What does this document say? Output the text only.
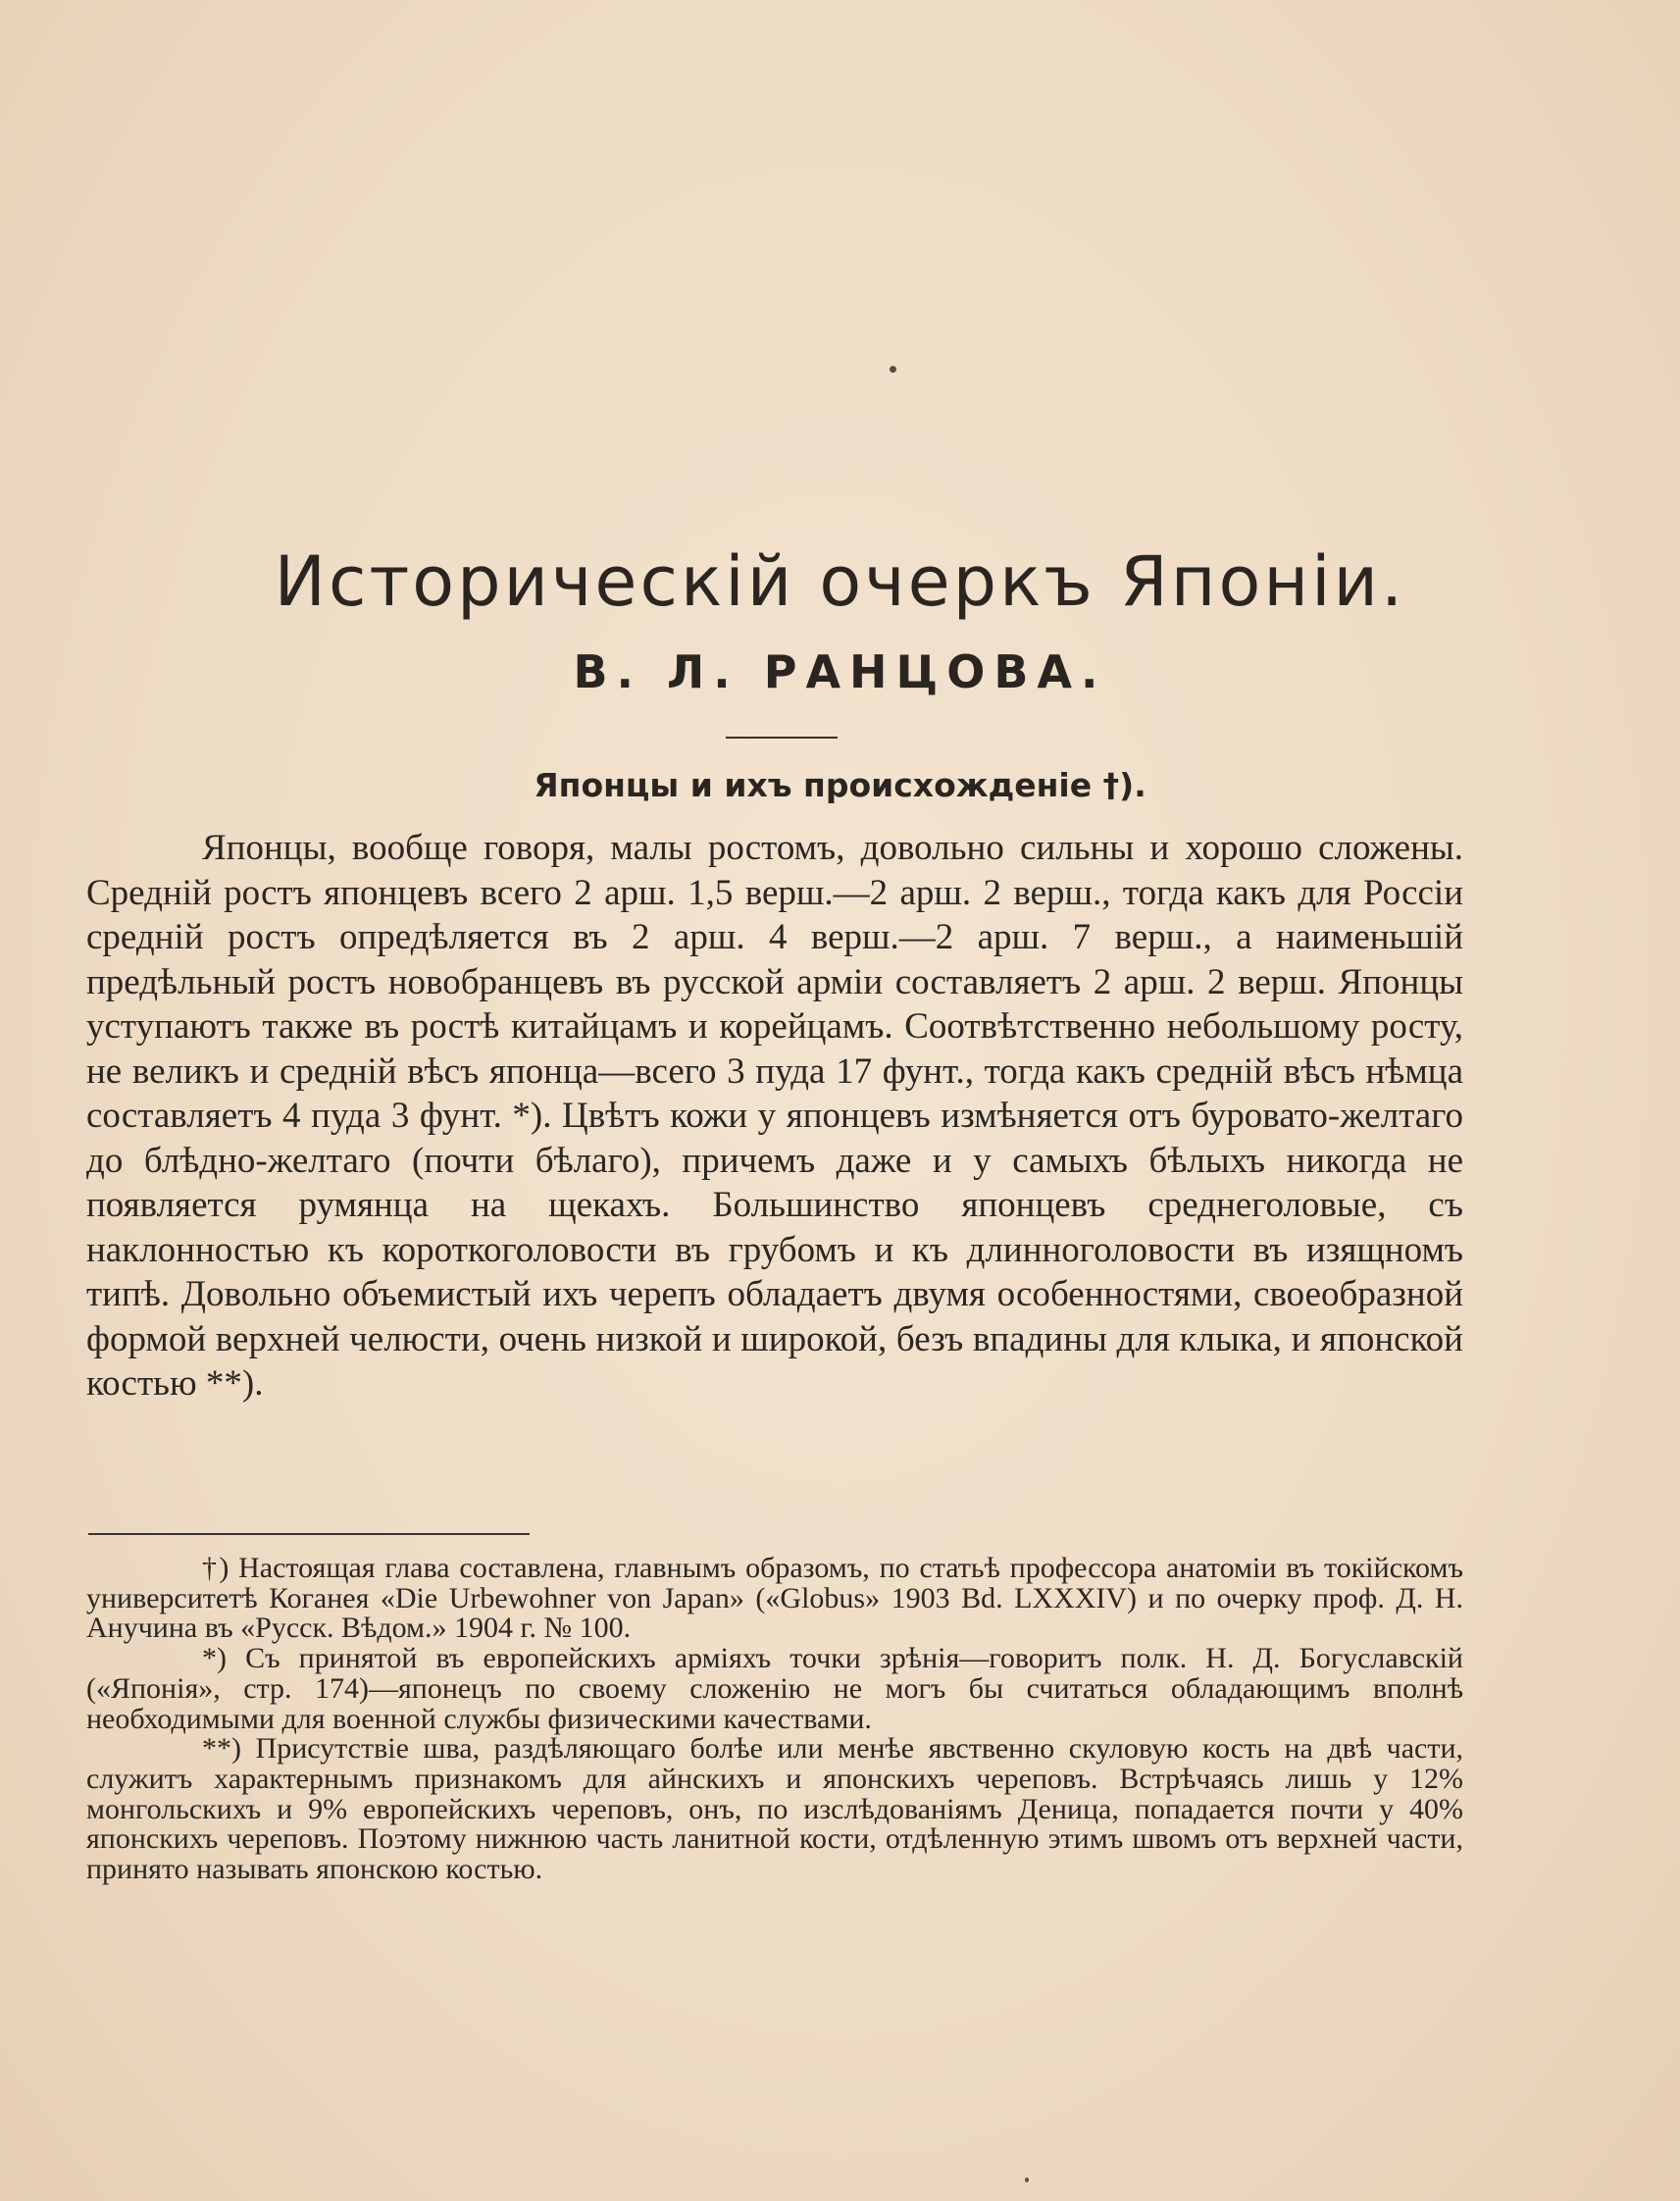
Историческій очеркъ Японіи.
В. Л. РАНЦОВА.
Японцы и ихъ происхожденіе †).

Японцы, вообще говоря, малы ростомъ, довольно сильны и хорошо сложены. Средній ростъ японцевъ всего 2 арш. 1,5 верш.—2 арш. 2 верш., тогда какъ для Россіи средній ростъ опредѣляется въ 2 арш. 4 верш.—2 арш. 7 верш., а наименьшій предѣльный ростъ новобранцевъ въ русской арміи составляетъ 2 арш. 2 верш. Японцы уступаютъ также въ ростѣ китайцамъ и корейцамъ. Соотвѣтственно небольшому росту, не великъ и средній вѣсъ японца—всего 3 пуда 17 фунт., тогда какъ средній вѣсъ нѣмца составляетъ 4 пуда 3 фунт. *). Цвѣтъ кожи у японцевъ измѣняется отъ буровато-желтаго до блѣдно-желтаго (почти бѣлаго), причемъ даже и у самыхъ бѣлыхъ никогда не появляется румянца на щекахъ. Большинство японцевъ среднеголовые, съ наклонностью къ короткоголовости въ грубомъ и къ длинноголовости въ изящномъ типѣ. Довольно объемистый ихъ черепъ обладаетъ двумя особенностями, своеобразной формой верхней челюсти, очень низкой и широкой, безъ впадины для клыка, и японской костью **).

†) Настоящая глава составлена, главнымъ образомъ, по статьѣ профессора анатоміи въ токійскомъ университетѣ Коганея «Die Urbewohner von Japan» («Globus» 1903 Bd. LXXXIV) и по очерку проф. Д. Н. Анучина въ «Русск. Вѣдом.» 1904 г. № 100.

*) Съ принятой въ европейскихъ арміяхъ точки зрѣнія—говоритъ полк. Н. Д. Богуславскій («Японія», стр. 174)—японецъ по своему сложенію не могъ бы считаться обладающимъ вполнѣ необходимыми для военной службы физическими качествами.

**) Присутствіе шва, раздѣляющаго болѣе или менѣе явственно скуловую кость на двѣ части, служитъ характернымъ признакомъ для айнскихъ и японскихъ череповъ. Встрѣчаясь лишь у 12% монгольскихъ и 9% европейскихъ череповъ, онъ, по изслѣдованіямъ Деница, попадается почти у 40% японскихъ череповъ. Поэтому нижнюю часть ланитной кости, отдѣленную этимъ швомъ отъ верхней части, принято называть японскою костью.
